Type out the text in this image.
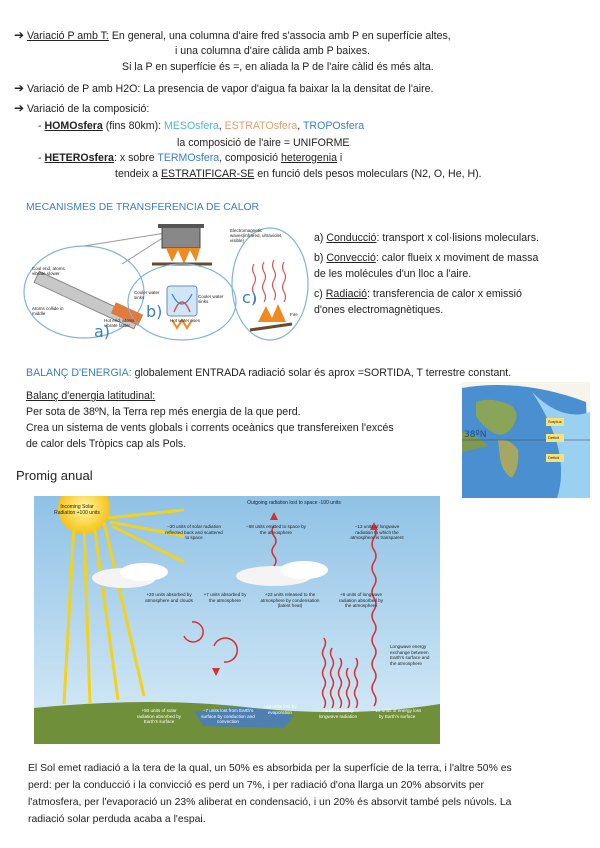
➔ Variació P amb T: En general, una columna d'aire fred s'associa amb P en superfície altes,
i una columna d'aire càlida amb P baixes.
Si la P en superfície és =, en aliada la P de l'aire càlid és més alta.
➔ Variació de P amb H2O: La presencia de vapor d'aigua fa baixar la la densitat de l'aire.
➔ Variació de la composició:
- HOMOsfera (fins 80km): MESOsfera, ESTRATOsfera, TROPOsfera
la composició de l'aire = UNIFORME
- HETEROsfera: x sobre TERMOsfera, composició heterogenia i
tendeix a ESTRATIFICAR-SE en funció dels pesos moleculars (N2, O, He, H).
MECANISMES DE TRANSFERENCIA DE CALOR
Electromagnetic waves(infrared, ultraviolet, visible)
Cool end, atoms vibrate slower
Atoms collide in middle
Hot end, atoms vibrate faster
Cooler water sinks	Cooler water sinks
Hot water rises
Fire
a)
b)
c)
a) Conducció: transport x col·lisions moleculars.
b) Convecció: calor flueix x moviment de massa
de les molécules d'un lloc a l'aire.
c) Radiació: transferencia de calor x emissió
d'ones electromagnètiques.
BALANÇ D'ENERGIA: globalement ENTRADA radiació solar és aprox =SORTIDA, T terrestre constant.
Balanç d'energia latitudinal:
Per sota de 38ºN, la Terra rep més energia de la que perd.
Crea un sistema de vents globals i corrents oceànics que transfereixen l'excés
de calor dels Tròpics cap als Pols.
38ºN
Surplus
Deficit
Deficit
Promig anual
Incoming Solar Radiation +100 units
Outgoing radiation lost to space -100 units
−30 units of solar radiation reflected back and scattered to space
−58 units emitted to space by the atmosphere
−12 units of longwave radiation to which the atmosphere is transparent
+20 units absorbed by atmosphere and clouds
+7 units absorbed by the atmosphere
+23 units released to the atmosphere by condensation (latent heat)
+6 units of longwave radiation absorbed by the atmosphere
Longwave energy exchange between Earth's surface and the atmosphere
+50 units of solar radiation absorbed by Earth's surface
−7 units lost from Earth's surface by conduction and convection
−23 units lost by evaporation	−6 units lost by longwave radiation
−14 units of energy loss by Earth's surface
El Sol emet radiació a la tera de la qual, un 50% es absorbida per la superfície de la terra, i l'altre 50% es
perd: per la conducció i la convicció es perd un 7%, i per radiació d'ona llarga un 20% absorvits per
l'atmosfera, per l'evaporació un 23% aliberat en condensació, i un 20% és absorvit també pels núvols. La
radiació solar perduda acaba a l'espai.
